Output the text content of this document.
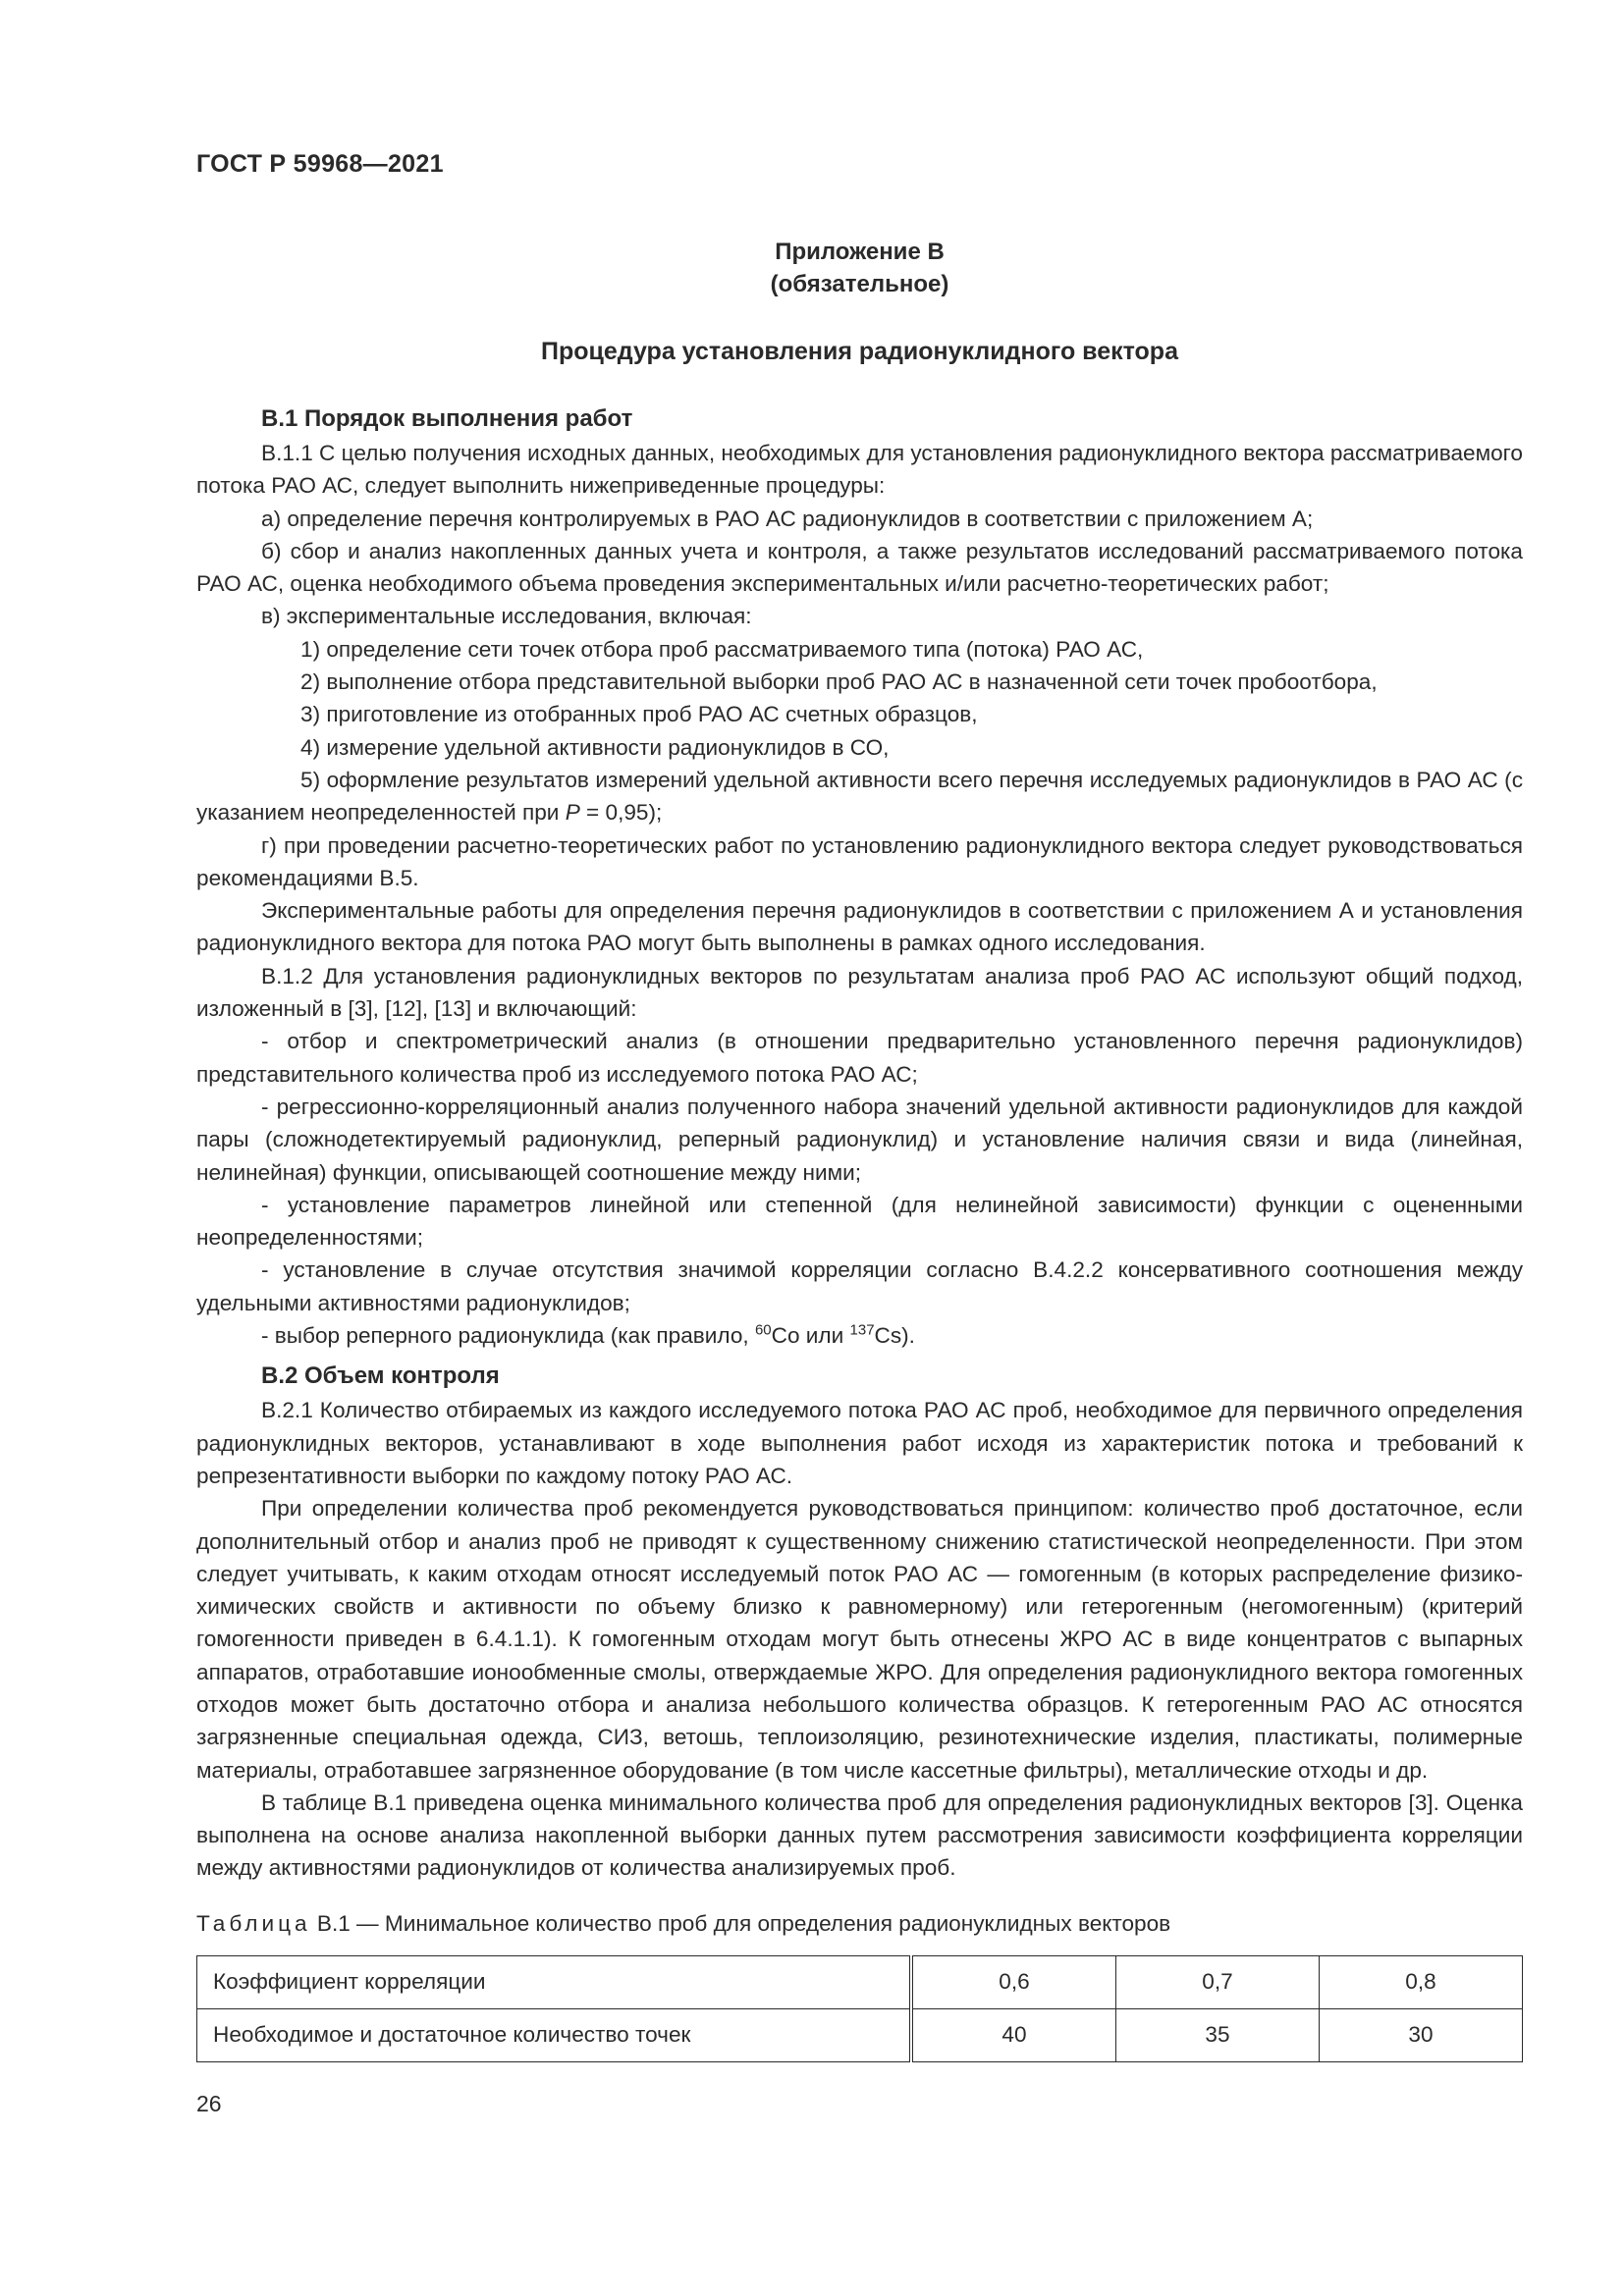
ГОСТ Р 59968—2021

Приложение В

(обязательное)

Процедура установления радионуклидного вектора

В.1 Порядок выполнения работ

В.1.1 С целью получения исходных данных, необходимых для установления радионуклидного вектора рассматриваемого потока РАО АС, следует выполнить нижеприведенные процедуры:

а) определение перечня контролируемых в РАО АС радионуклидов в соответствии с приложением А;

б) сбор и анализ накопленных данных учета и контроля, а также результатов исследований рассматриваемого потока РАО АС, оценка необходимого объема проведения экспериментальных и/или расчетно-теоретических работ;

в) экспериментальные исследования, включая:

1) определение сети точек отбора проб рассматриваемого типа (потока) РАО АС,

2) выполнение отбора представительной выборки проб РАО АС в назначенной сети точек пробоотбора,

3) приготовление из отобранных проб РАО АС счетных образцов,

4) измерение удельной активности радионуклидов в СО,

5) оформление результатов измерений удельной активности всего перечня исследуемых радионуклидов в РАО АС (с указанием неопределенностей при P = 0,95);

г) при проведении расчетно-теоретических работ по установлению радионуклидного вектора следует руководствоваться рекомендациями В.5.

Экспериментальные работы для определения перечня радионуклидов в соответствии с приложением А и установления радионуклидного вектора для потока РАО могут быть выполнены в рамках одного исследования.

В.1.2 Для установления радионуклидных векторов по результатам анализа проб РАО АС используют общий подход, изложенный в [3], [12], [13] и включающий:

- отбор и спектрометрический анализ (в отношении предварительно установленного перечня радионуклидов) представительного количества проб из исследуемого потока РАО АС;

- регрессионно-корреляционный анализ полученного набора значений удельной активности радионуклидов для каждой пары (сложнодетектируемый радионуклид, реперный радионуклид) и установление наличия связи и вида (линейная, нелинейная) функции, описывающей соотношение между ними;

- установление параметров линейной или степенной (для нелинейной зависимости) функции с оцененными неопределенностями;

- установление в случае отсутствия значимой корреляции согласно В.4.2.2 консервативного соотношения между удельными активностями радионуклидов;

- выбор реперного радионуклида (как правило, $^{60}$Co или $^{137}$Cs).

В.2 Объем контроля

В.2.1 Количество отбираемых из каждого исследуемого потока РАО АС проб, необходимое для первичного определения радионуклидных векторов, устанавливают в ходе выполнения работ исходя из характеристик потока и требований к репрезентативности выборки по каждому потоку РАО АС.

При определении количества проб рекомендуется руководствоваться принципом: количество проб достаточное, если дополнительный отбор и анализ проб не приводят к существенному снижению статистической неопределенности. При этом следует учитывать, к каким отходам относят исследуемый поток РАО АС — гомогенным (в которых распределение физико-химических свойств и активности по объему близко к равномерному) или гетерогенным (негомогенным) (критерий гомогенности приведен в 6.4.1.1). К гомогенным отходам могут быть отнесены ЖРО АС в виде концентратов с выпарных аппаратов, отработавшие ионообменные смолы, отверждаемые ЖРО. Для определения радионуклидного вектора гомогенных отходов может быть достаточно отбора и анализа небольшого количества образцов. К гетерогенным РАО АС относятся загрязненные специальная одежда, СИЗ, ветошь, теплоизоляцию, резинотехнические изделия, пластикаты, полимерные материалы, отработавшее загрязненное оборудование (в том числе кассетные фильтры), металлические отходы и др.

В таблице В.1 приведена оценка минимального количества проб для определения радионуклидных векторов [3]. Оценка выполнена на основе анализа накопленной выборки данных путем рассмотрения зависимости коэффициента корреляции между активностями радионуклидов от количества анализируемых проб.

Таблица В.1 — Минимальное количество проб для определения радионуклидных векторов
Коэффициент корреляции	0,6	0,7	0,8
Необходимое и достаточное количество точек	40	35	30
26
